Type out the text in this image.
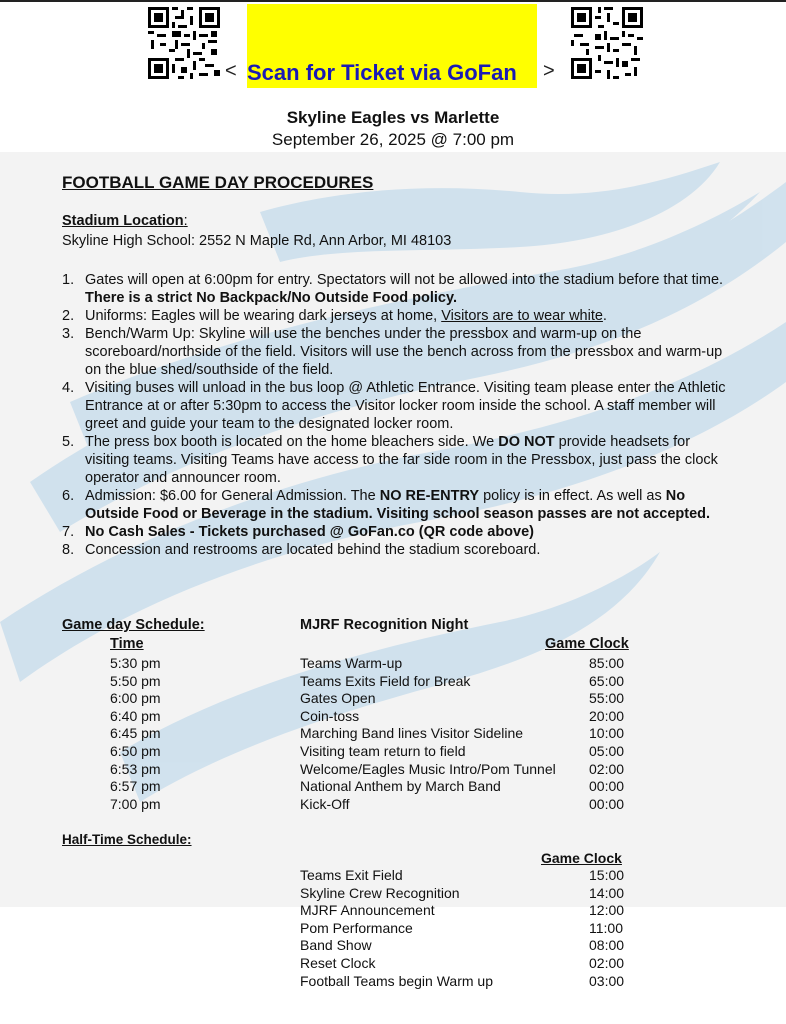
< Scan for Ticket via GoFan >
Skyline Eagles vs Marlette
September 26, 2025 @ 7:00 pm
FOOTBALL GAME DAY PROCEDURES
Stadium Location:
Skyline High School: 2552 N Maple Rd, Ann Arbor, MI 48103
1. Gates will open at 6:00pm for entry. Spectators will not be allowed into the stadium before that time. There is a strict No Backpack/No Outside Food policy.
2. Uniforms: Eagles will be wearing dark jerseys at home, Visitors are to wear white.
3. Bench/Warm Up: Skyline will use the benches under the pressbox and warm-up on the scoreboard/northside of the field. Visitors will use the bench across from the pressbox and warm-up on the blue shed/southside of the field.
4. Visiting buses will unload in the bus loop @ Athletic Entrance. Visiting team please enter the Athletic Entrance at or after 5:30pm to access the Visitor locker room inside the school. A staff member will greet and guide your team to the designated locker room.
5. The press box booth is located on the home bleachers side. We DO NOT provide headsets for visiting teams. Visiting Teams have access to the far side room in the Pressbox, just pass the clock operator and announcer room.
6. Admission: $6.00 for General Admission. The NO RE-ENTRY policy is in effect. As well as No Outside Food or Beverage in the stadium. Visiting school season passes are not accepted.
7. No Cash Sales - Tickets purchased @ GoFan.co (QR code above)
8. Concession and restrooms are located behind the stadium scoreboard.
Game day Schedule:	MJRF Recognition Night
Time	Game Clock
5:30 pm	Teams Warm-up	85:00
5:50 pm	Teams Exits Field for Break	65:00
6:00 pm	Gates Open	55:00
6:40 pm	Coin-toss	20:00
6:45 pm	Marching Band lines Visitor Sideline	10:00
6:50 pm	Visiting team return to field	05:00
6:53 pm	Welcome/Eagles Music Intro/Pom Tunnel 02:00
6:57 pm	National Anthem by March Band	00:00
7:00 pm	Kick-Off	00:00
Half-Time Schedule:
Game Clock
Teams Exit Field	15:00
Skyline Crew Recognition	14:00
MJRF Announcement	12:00
Pom Performance	11:00
Band Show	08:00
Reset Clock	02:00
Football Teams begin Warm up	03:00
